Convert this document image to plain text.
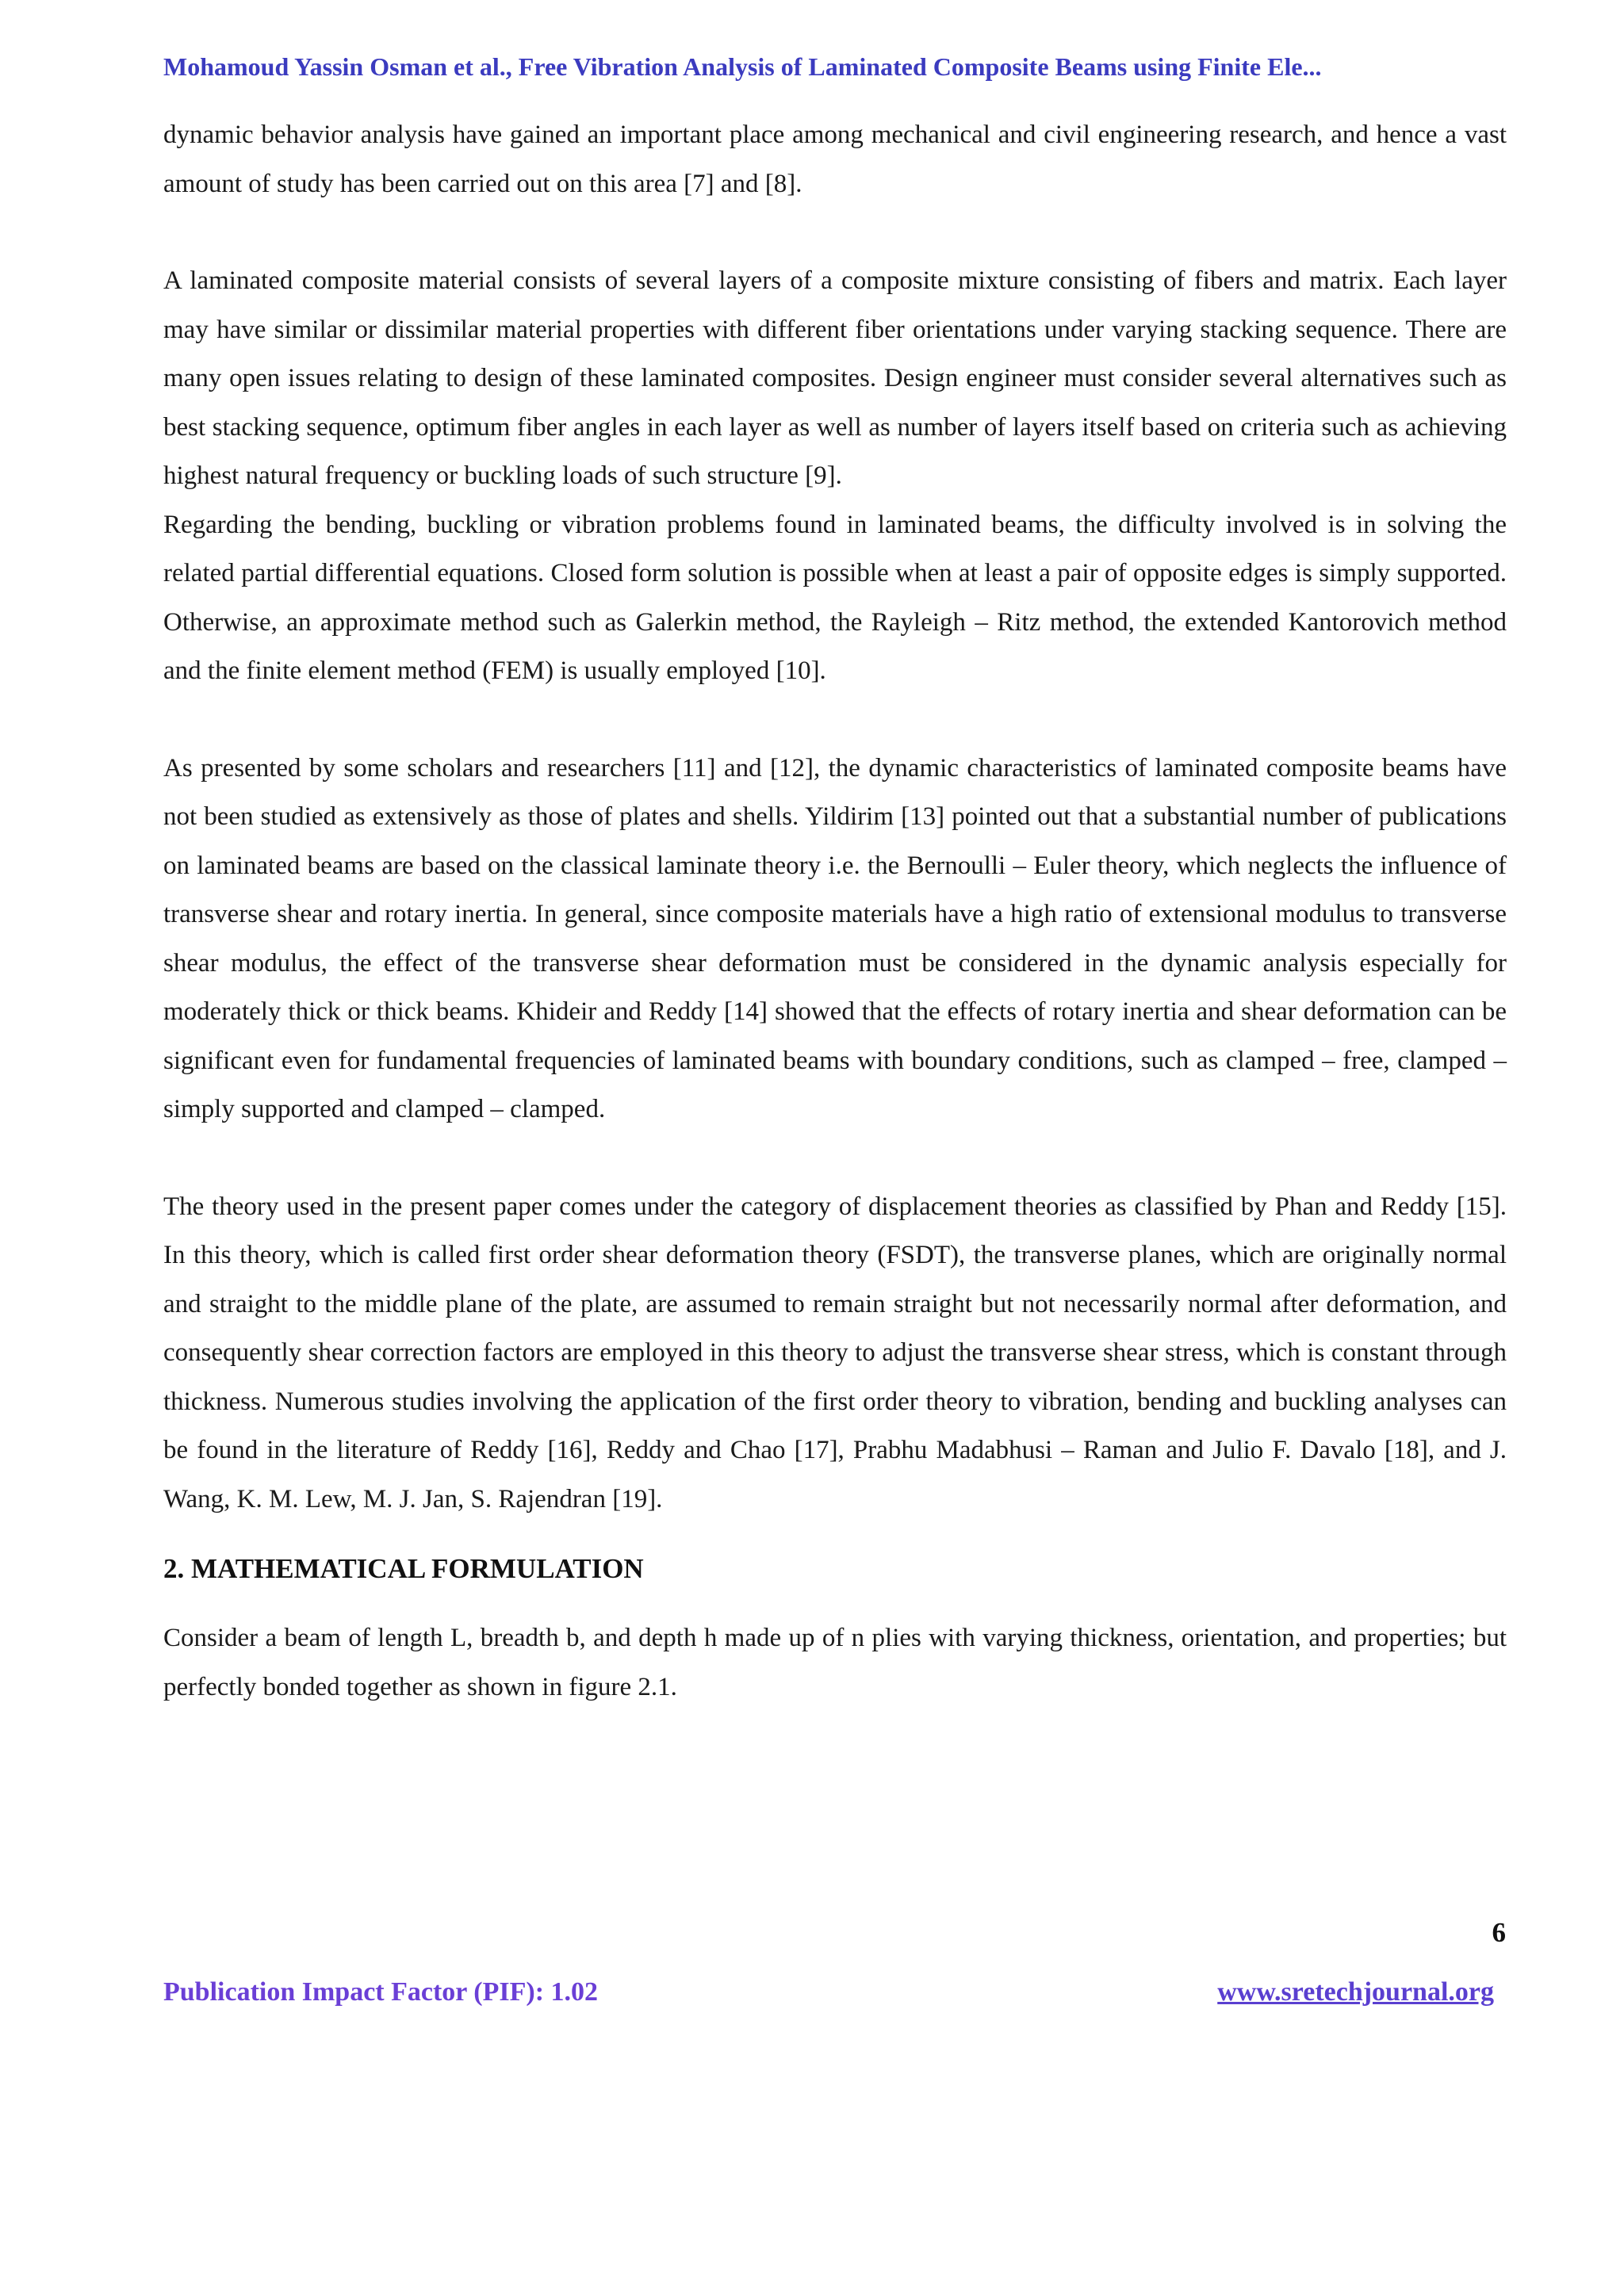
Mohamoud Yassin Osman et al., Free Vibration Analysis of Laminated Composite Beams using Finite Ele...

dynamic behavior analysis have gained an important place among mechanical and civil engineering research, and hence a vast amount of study has been carried out on this area [7] and [8].

A laminated composite material consists of several layers of a composite mixture consisting of fibers and matrix. Each layer may have similar or dissimilar material properties with different fiber orientations under varying stacking sequence. There are many open issues relating to design of these laminated composites. Design engineer must consider several alternatives such as best stacking sequence, optimum fiber angles in each layer as well as number of layers itself based on criteria such as achieving highest natural frequency or buckling loads of such structure [9].

Regarding the bending, buckling or vibration problems found in laminated beams, the difficulty involved is in solving the related partial differential equations. Closed form solution is possible when at least a pair of opposite edges is simply supported. Otherwise, an approximate method such as Galerkin method, the Rayleigh – Ritz method, the extended Kantorovich method and the finite element method (FEM) is usually employed [10].

As presented by some scholars and researchers [11] and [12], the dynamic characteristics of laminated composite beams have not been studied as extensively as those of plates and shells. Yildirim [13] pointed out that a substantial number of publications on laminated beams are based on the classical laminate theory i.e. the Bernoulli – Euler theory, which neglects the influence of transverse shear and rotary inertia. In general, since composite materials have a high ratio of extensional modulus to transverse shear modulus, the effect of the transverse shear deformation must be considered in the dynamic analysis especially for moderately thick or thick beams. Khideir and Reddy [14] showed that the effects of rotary inertia and shear deformation can be significant even for fundamental frequencies of laminated beams with boundary conditions, such as clamped – free, clamped – simply supported and clamped – clamped.

The theory used in the present paper comes under the category of displacement theories as classified by Phan and Reddy [15]. In this theory, which is called first order shear deformation theory (FSDT), the transverse planes, which are originally normal and straight to the middle plane of the plate, are assumed to remain straight but not necessarily normal after deformation, and consequently shear correction factors are employed in this theory to adjust the transverse shear stress, which is constant through thickness. Numerous studies involving the application of the first order theory to vibration, bending and buckling analyses can be found in the literature of Reddy [16], Reddy and Chao [17], Prabhu Madabhusi – Raman and Julio F. Davalo [18], and J. Wang, K. M. Lew, M. J. Jan, S. Rajendran [19].

2. MATHEMATICAL FORMULATION

Consider a beam of length L, breadth b, and depth h made up of n plies with varying thickness, orientation, and properties; but perfectly bonded together as shown in figure 2.1.

6
Publication Impact Factor (PIF): 1.02	www.sretechjournal.org
